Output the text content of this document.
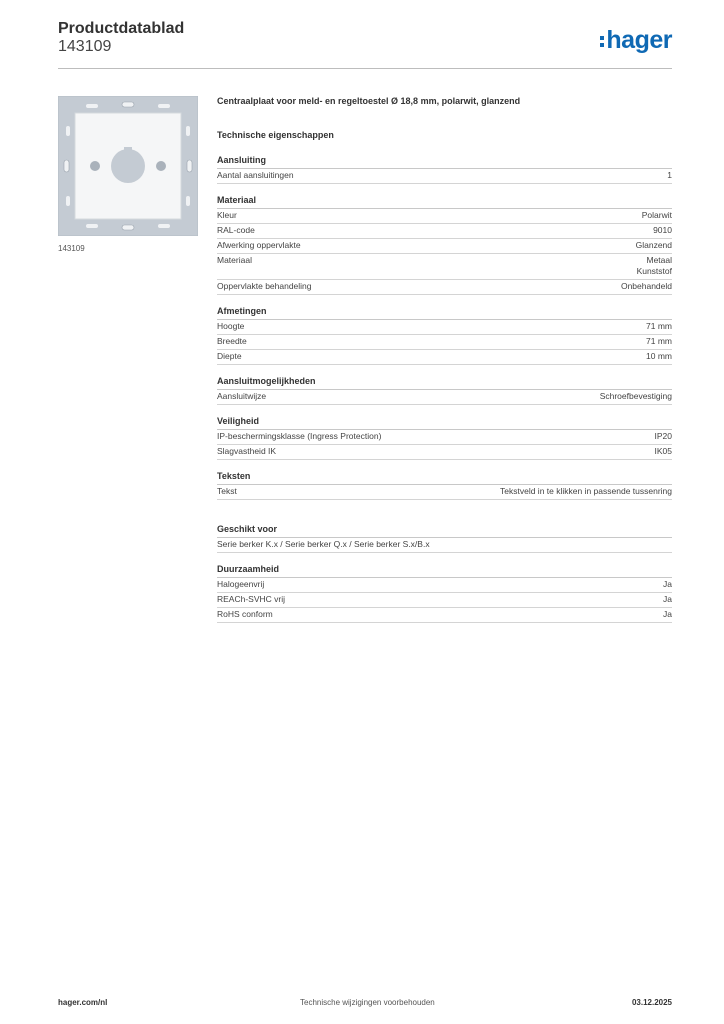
Productdatablad
143109	hager
143109
Centraalplaat voor meld- en regeltoestel Ø 18,8 mm, polarwit, glanzend
Technische eigenschappen
Aansluiting
Aantal aansluitingen	1
Materiaal
Kleur	Polarwit
RAL-code	9010
Afwerking oppervlakte	Glanzend
Materiaal	Metaal
Kunststof
Oppervlakte behandeling	Onbehandeld
Afmetingen
Hoogte	71 mm
Breedte	71 mm
Diepte	10 mm
Aansluitmogelijkheden
Aansluitwijze	Schroefbevestiging
Veiligheid
IP-beschermingsklasse (Ingress Protection)	IP20
Slagvastheid IK	IK05
Teksten
Tekst	Tekstveld in te klikken in passende tussenring
Geschikt voor
Serie berker K.x / Serie berker Q.x / Serie berker S.x/B.x
Duurzaamheid
Halogeenvrij	Ja
REACh-SVHC vrij	Ja
RoHS conform	Ja
hager.com/nl	Technische wijzigingen voorbehouden	03.12.2025
